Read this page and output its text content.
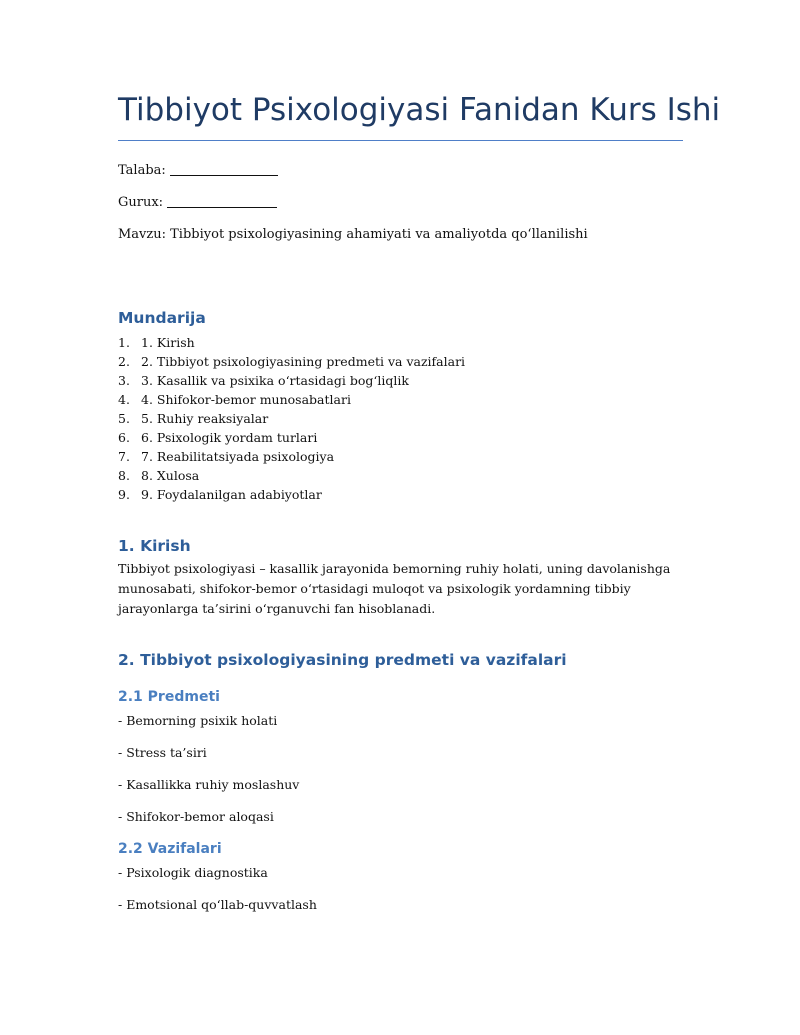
Tibbiyot Psixologiyasi Fanidan Kurs Ishi
Talaba:
Gurux:
Mavzu: Tibbiyot psixologiyasining ahamiyati va amaliyotda qo‘llanilishi
Mundarija
1. 1. Kirish
2. 2. Tibbiyot psixologiyasining predmeti va vazifalari
3. 3. Kasallik va psixika o‘rtasidagi bog‘liqlik
4. 4. Shifokor-bemor munosabatlari
5. 5. Ruhiy reaksiyalar
6. 6. Psixologik yordam turlari
7. 7. Reabilitatsiyada psixologiya
8. 8. Xulosa
9. 9. Foydalanilgan adabiyotlar
1. Kirish
Tibbiyot psixologiyasi – kasallik jarayonida bemorning ruhiy holati, uning davolanishga munosabati, shifokor-bemor o‘rtasidagi muloqot va psixologik yordamning tibbiy jarayonlarga ta’sirini o‘rganuvchi fan hisoblanadi.
2. Tibbiyot psixologiyasining predmeti va vazifalari
2.1 Predmeti
- Bemorning psixik holati
- Stress ta’siri
- Kasallikka ruhiy moslashuv
- Shifokor-bemor aloqasi
2.2 Vazifalari
- Psixologik diagnostika
- Emotsional qo‘llab-quvvatlash
